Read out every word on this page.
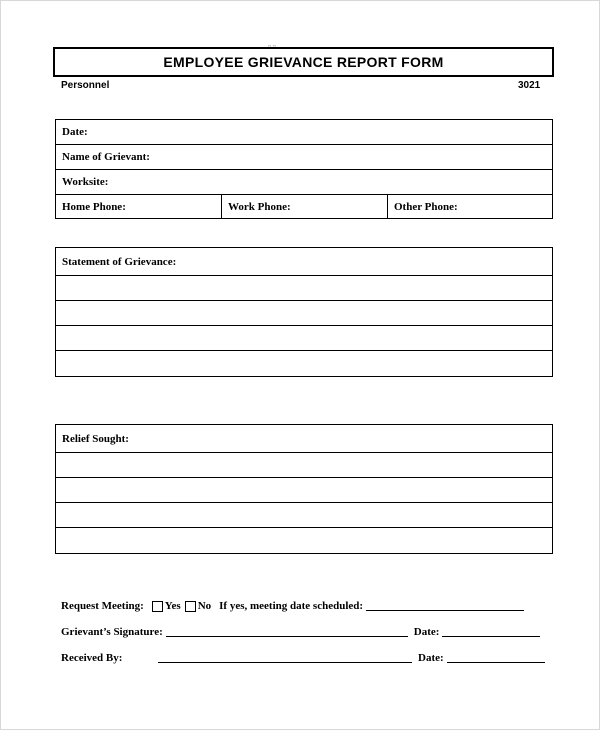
~ ~
EMPLOYEE GRIEVANCE REPORT FORM
Personnel	3021
Date:
Name of Grievant:
Worksite:
Home Phone:	Work Phone:	Other Phone:
Statement of Grievance:
Relief Sought:
Request Meeting: Yes No If yes, meeting date scheduled:
Grievant’s Signature:	Date:
Received By:	Date:
